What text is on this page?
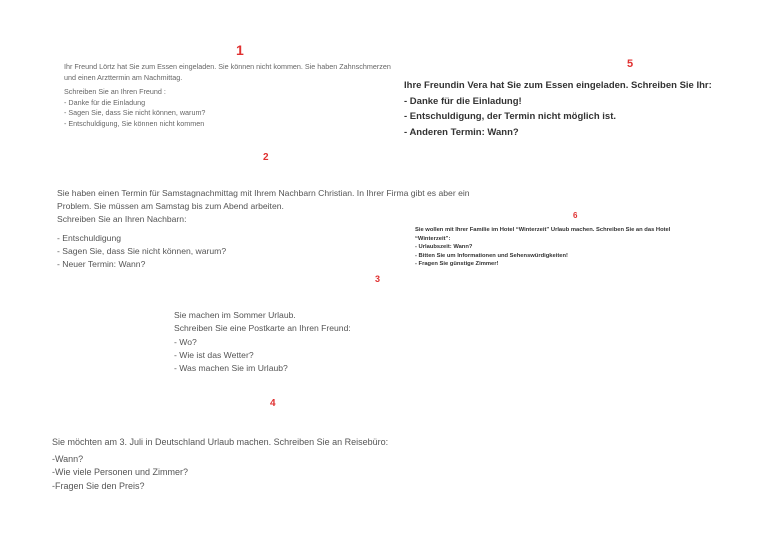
1

Ihr Freund Lörtz hat Sie zum Essen eingeladen. Sie können nicht kommen. Sie haben Zahnschmerzen und einen Arzttermin am Nachmittag.

Schreiben Sie an Ihren Freund :

- Danke für die Einladung
- Sagen Sie, dass Sie nicht können, warum?
- Entschuldigung, Sie können nicht kommen
5

Ihre Freundin Vera hat Sie zum Essen eingeladen. Schreiben Sie Ihr:

- Danke für die Einladung!
- Entschuldigung, der Termin nicht möglich ist.
- Anderen Termin: Wann?
2

Sie haben einen Termin für Samstagnachmittag mit Ihrem Nachbarn Christian. In Ihrer Firma gibt es aber ein Problem. Sie müssen am Samstag bis zum Abend arbeiten.

Schreiben Sie an Ihren Nachbarn:

- Entschuldigung
- Sagen Sie, dass Sie nicht können, warum?
- Neuer Termin: Wann?
6

Sie wollen mit Ihrer Familie im Hotel “Winterzeit” Urlaub machen. Schreiben Sie an das Hotel

“Winterzeit”:

- Urlaubszeit: Wann?
- Bitten Sie um Informationen und Sehenswürdigkeiten!
- Fragen Sie günstige Zimmer!
3

Sie machen im Sommer Urlaub.

Schreiben Sie eine Postkarte an Ihren Freund:

- Wo?

- Wie ist das Wetter?

- Was machen Sie im Urlaub?

4

Sie möchten am 3. Juli in Deutschland Urlaub machen. Schreiben Sie an Reisebüro:

-Wann?
-Wie viele Personen und Zimmer?
-Fragen Sie den Preis?
